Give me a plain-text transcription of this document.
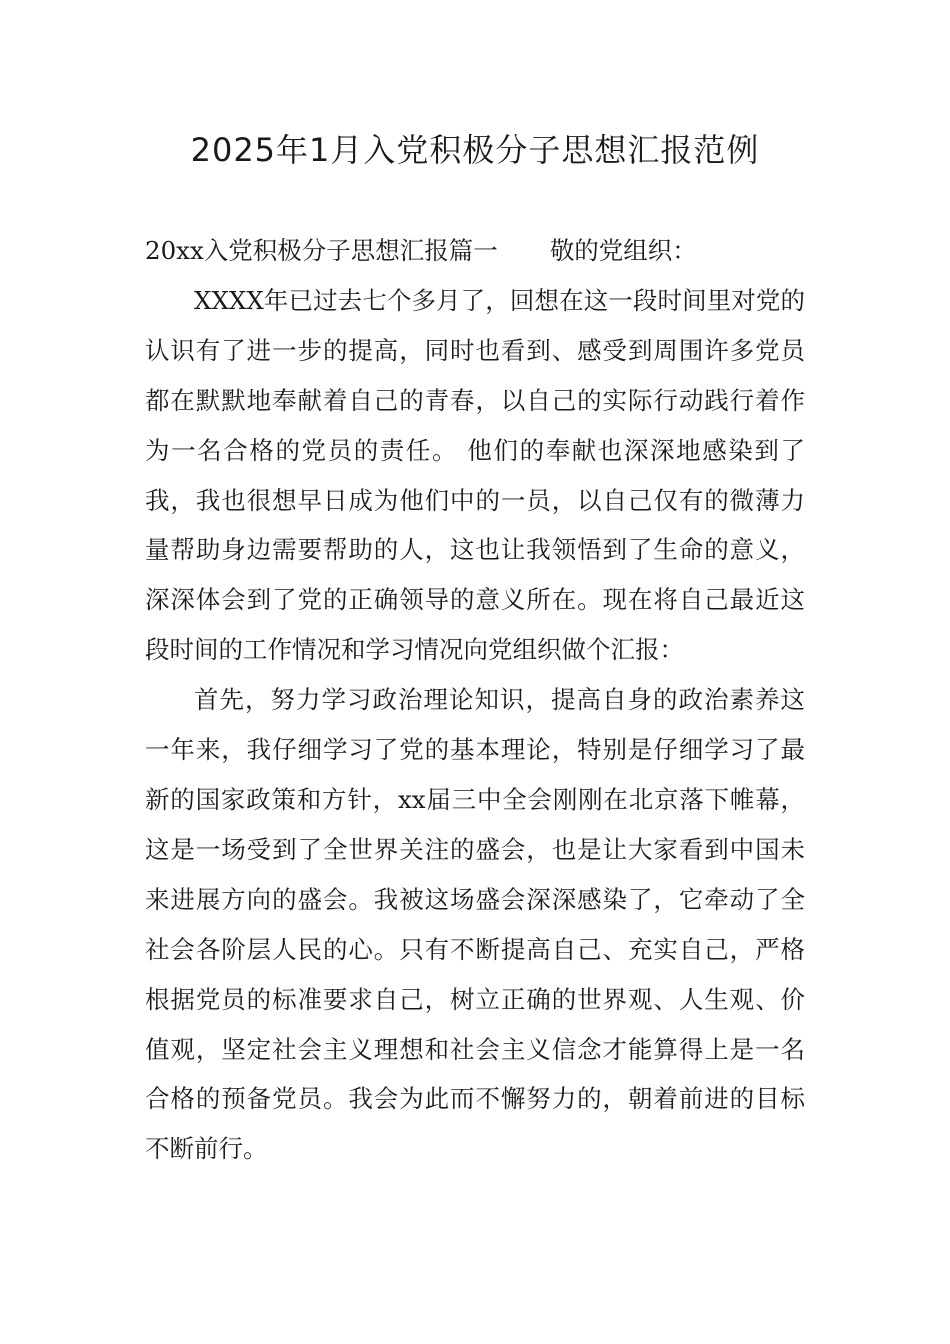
2025年1月入党积极分子思想汇报范例

20xx入党积极分子思想汇报篇一 敬的党组织：

XXXX年已过去七个多月了，回想在这一段时间里对党的认识有了进一步的提高，同时也看到、感受到周围许多党员都在默默地奉献着自己的青春，以自己的实际行动践行着作为一名合格的党员的责任。 他们的奉献也深深地感染到了我，我也很想早日成为他们中的一员，以自己仅有的微薄力量帮助身边需要帮助的人，这也让我领悟到了生命的意义，深深体会到了党的正确领导的意义所在。现在将自己最近这段时间的工作情况和学习情况向党组织做个汇报：

首先，努力学习政治理论知识，提高自身的政治素养这一年来，我仔细学习了党的基本理论，特别是仔细学习了最新的国家政策和方针，xx届三中全会刚刚在北京落下帷幕，这是一场受到了全世界关注的盛会，也是让大家看到中国未来进展方向的盛会。我被这场盛会深深感染了，它牵动了全社会各阶层人民的心。只有不断提高自己、充实自己，严格根据党员的标准要求自己，树立正确的世界观、人生观、价值观，坚定社会主义理想和社会主义信念才能算得上是一名合格的预备党员。我会为此而不懈努力的，朝着前进的目标不断前行。
